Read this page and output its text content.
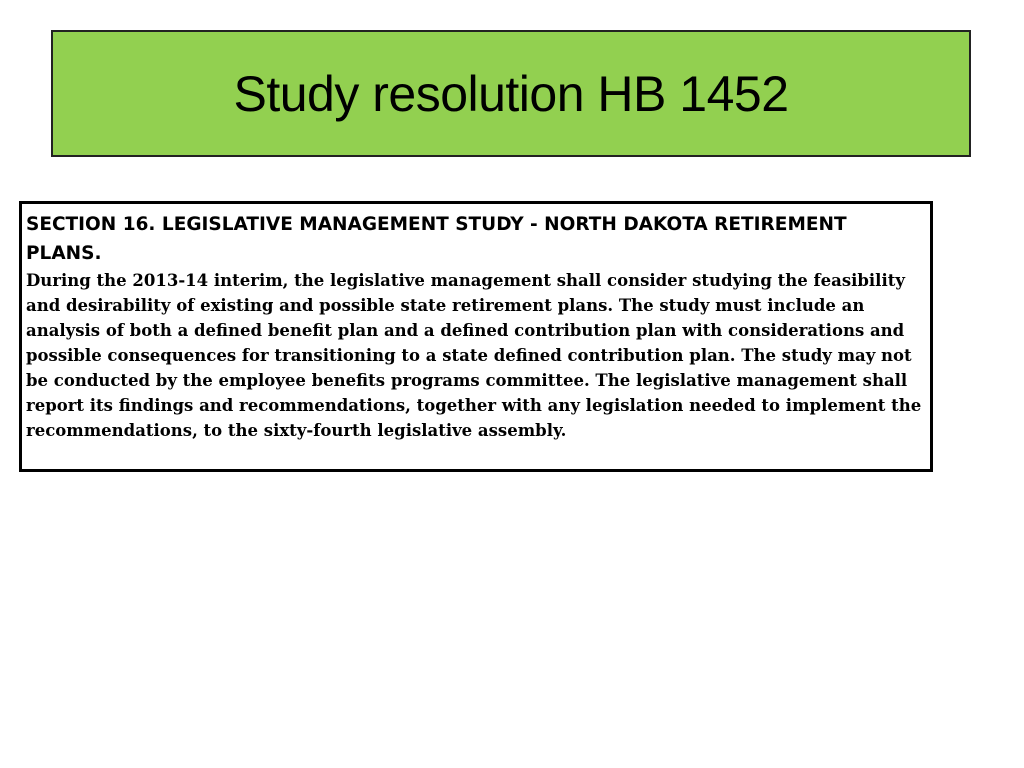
Study resolution HB 1452

SECTION 16. LEGISLATIVE MANAGEMENT STUDY - NORTH DAKOTA RETIREMENT PLANS.

During the 2013-14 interim, the legislative management shall consider studying the feasibility and desirability of existing and possible state retirement plans. The study must include an analysis of both a defined benefit plan and a defined contribution plan with considerations and possible consequences for transitioning to a state defined contribution plan. The study may not be conducted by the employee benefits programs committee. The legislative management shall report its findings and recommendations, together with any legislation needed to implement the recommendations, to the sixty-fourth legislative assembly.
